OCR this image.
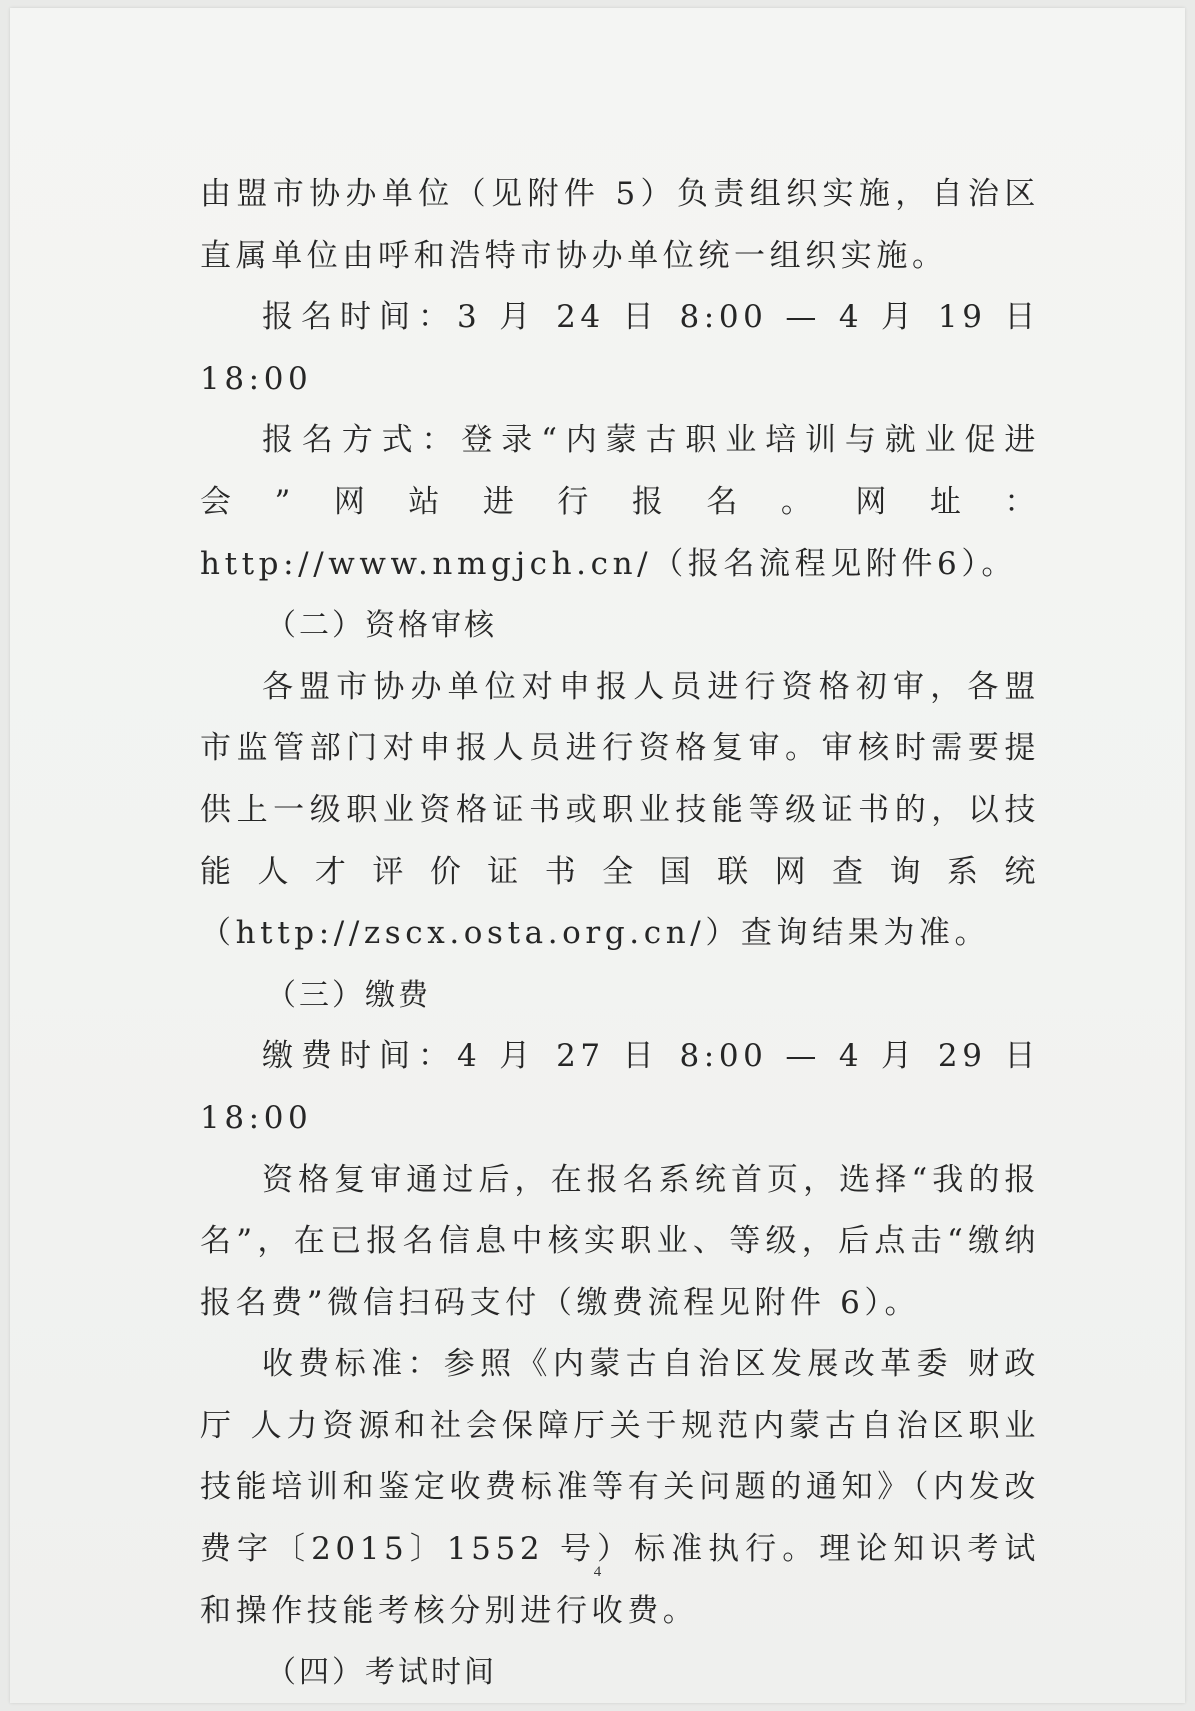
由盟市协办单位（见附件 5）负责组织实施，自治区直属单位由呼和浩特市协办单位统一组织实施。

报名时间：3 月 24 日 8:00 — 4 月 19 日 18:00

报名方式：登录“内蒙古职业培训与就业促进会”网站进行报名。网址：http://www.nmgjch.cn/（报名流程见附件6）。

（二）资格审核

各盟市协办单位对申报人员进行资格初审，各盟市监管部门对申报人员进行资格复审。审核时需要提供上一级职业资格证书或职业技能等级证书的，以技能人才评价证书全国联网查询系统（http://zscx.osta.org.cn/）查询结果为准。

（三）缴费

缴费时间：4 月 27 日 8:00 — 4 月 29 日 18:00

资格复审通过后，在报名系统首页，选择“我的报名”，在已报名信息中核实职业、等级，后点击“缴纳报名费”微信扫码支付（缴费流程见附件 6）。

收费标准：参照《内蒙古自治区发展改革委 财政厅 人力资源和社会保障厅关于规范内蒙古自治区职业技能培训和鉴定收费标准等有关问题的通知》（内发改费字〔2015〕1552 号）标准执行。理论知识考试和操作技能考核分别进行收费。

（四）考试时间

4
